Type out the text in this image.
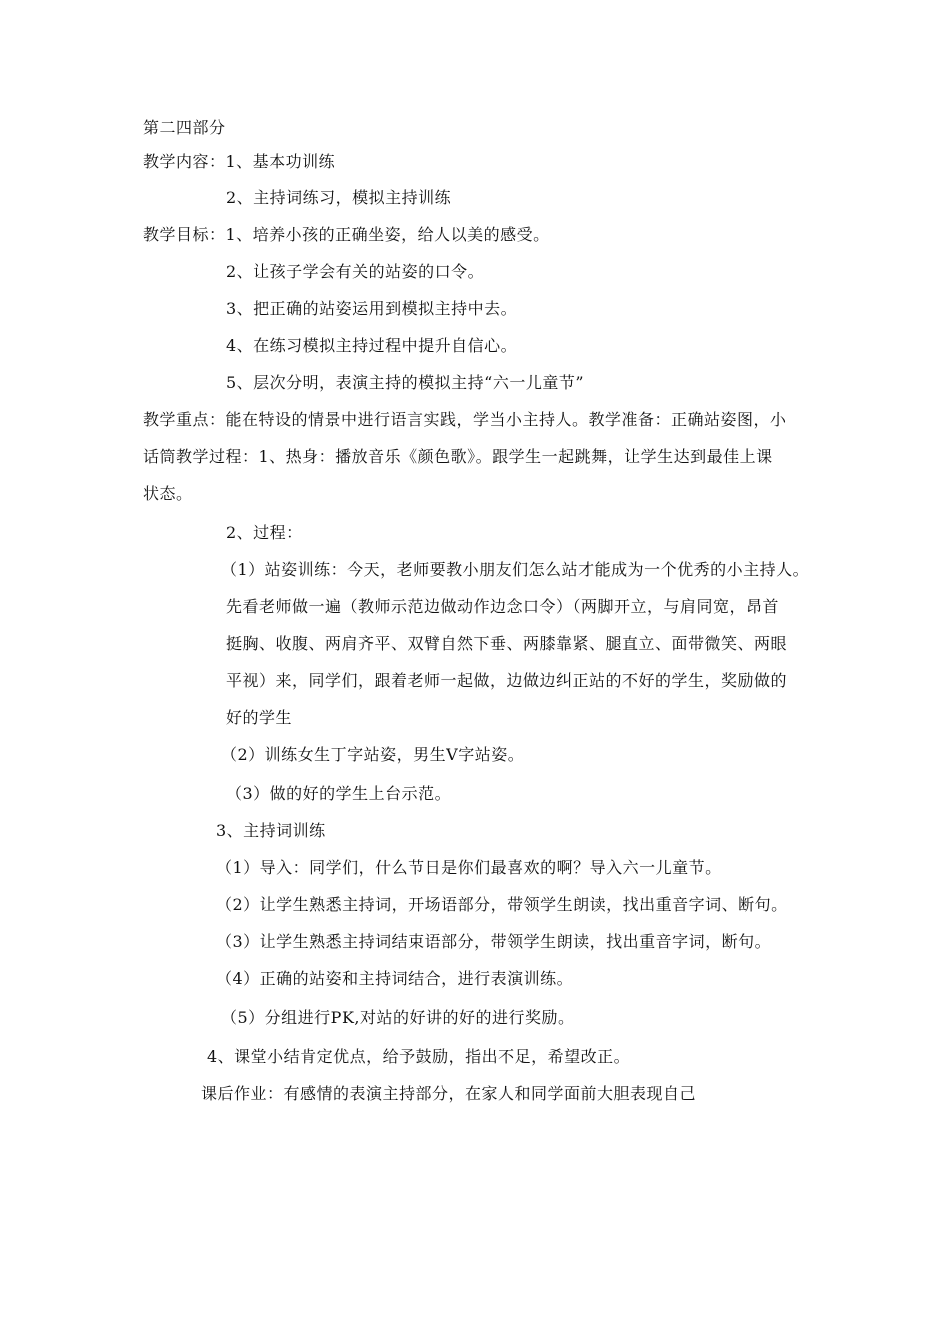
第二四部分
教学内容：1、基本功训练
2、主持词练习，模拟主持训练
教学目标：1、培养小孩的正确坐姿，给人以美的感受。
2、让孩子学会有关的站姿的口令。
3、把正确的站姿运用到模拟主持中去。
4、在练习模拟主持过程中提升自信心。
5、层次分明，表演主持的模拟主持“六一儿童节”
教学重点：能在特设的情景中进行语言实践，学当小主持人。教学准备：正确站姿图，小
话筒教学过程：1、热身：播放音乐《颜色歌》。跟学生一起跳舞，让学生达到最佳上课
状态。
2、过程：
（1）站姿训练：今天，老师要教小朋友们怎么站才能成为一个优秀的小主持人。
先看老师做一遍（教师示范边做动作边念口令）（两脚开立，与肩同宽，昂首
挺胸、收腹、两肩齐平、双臂自然下垂、两膝靠紧、腿直立、面带微笑、两眼
平视）来，同学们，跟着老师一起做，边做边纠正站的不好的学生，奖励做的
好的学生
（2）训练女生丁字站姿，男生V字站姿。
（3）做的好的学生上台示范。
3、主持词训练
（1）导入：同学们，什么节日是你们最喜欢的啊？导入六一儿童节。
（2）让学生熟悉主持词，开场语部分，带领学生朗读，找出重音字词、断句。
（3）让学生熟悉主持词结束语部分，带领学生朗读，找出重音字词，断句。
（4）正确的站姿和主持词结合，进行表演训练。
（5）分组进行PK,对站的好讲的好的进行奖励。
4、课堂小结肯定优点，给予鼓励，指出不足，希望改正。
课后作业：有感情的表演主持部分，在家人和同学面前大胆表现自己
